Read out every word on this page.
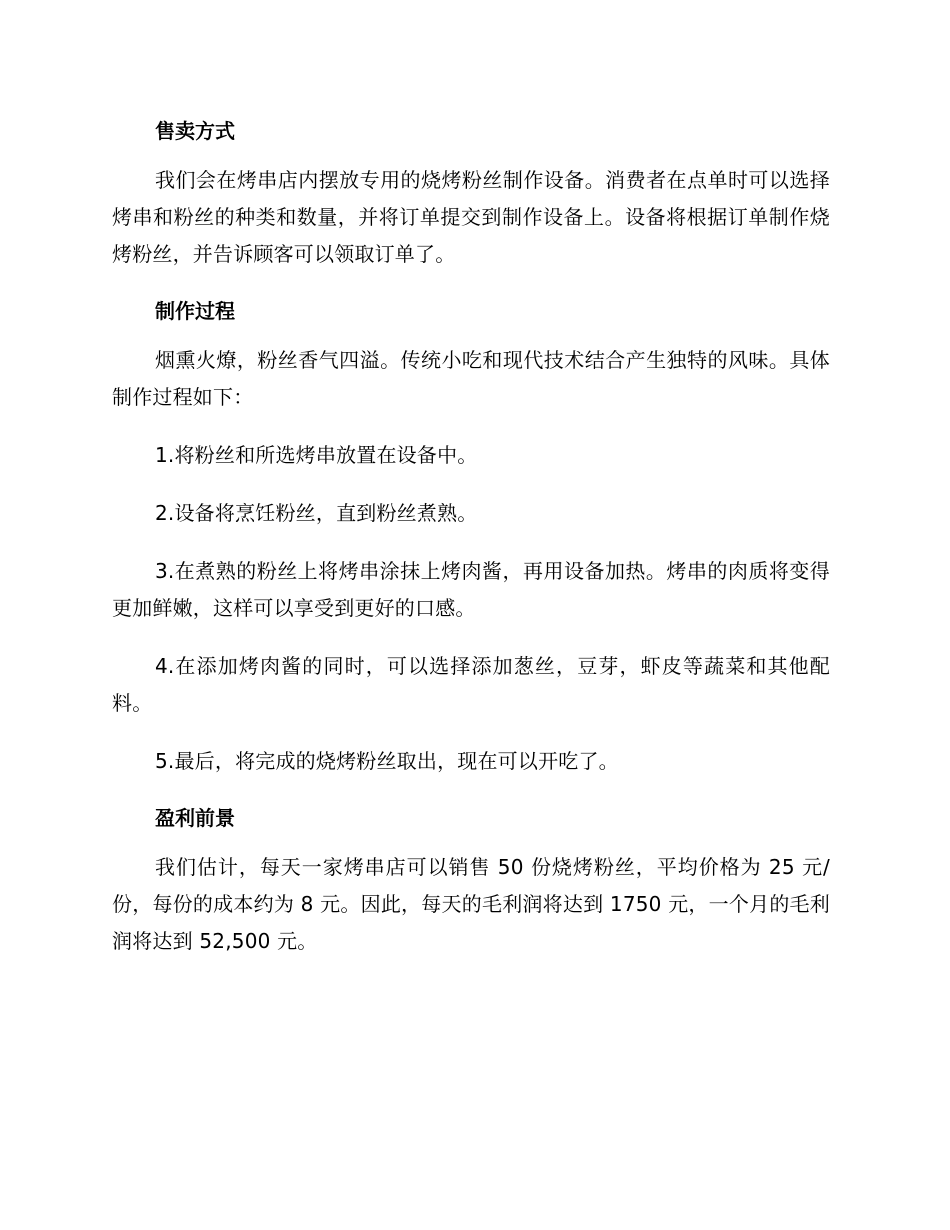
售卖方式

我们会在烤串店内摆放专用的烧烤粉丝制作设备。消费者在点单时可以选择烤串和粉丝的种类和数量，并将订单提交到制作设备上。设备将根据订单制作烧烤粉丝，并告诉顾客可以领取订单了。

制作过程

烟熏火燎，粉丝香气四溢。传统小吃和现代技术结合产生独特的风味。具体制作过程如下：

1.将粉丝和所选烤串放置在设备中。

2.设备将烹饪粉丝，直到粉丝煮熟。

3.在煮熟的粉丝上将烤串涂抹上烤肉酱，再用设备加热。烤串的肉质将变得更加鲜嫩，这样可以享受到更好的口感。

4.在添加烤肉酱的同时，可以选择添加葱丝，豆芽，虾皮等蔬菜和其他配料。

5.最后，将完成的烧烤粉丝取出，现在可以开吃了。

盈利前景

我们估计，每天一家烤串店可以销售 50 份烧烤粉丝，平均价格为 25 元/份，每份的成本约为 8 元。因此，每天的毛利润将达到 1750 元，一个月的毛利润将达到 52,500 元。
